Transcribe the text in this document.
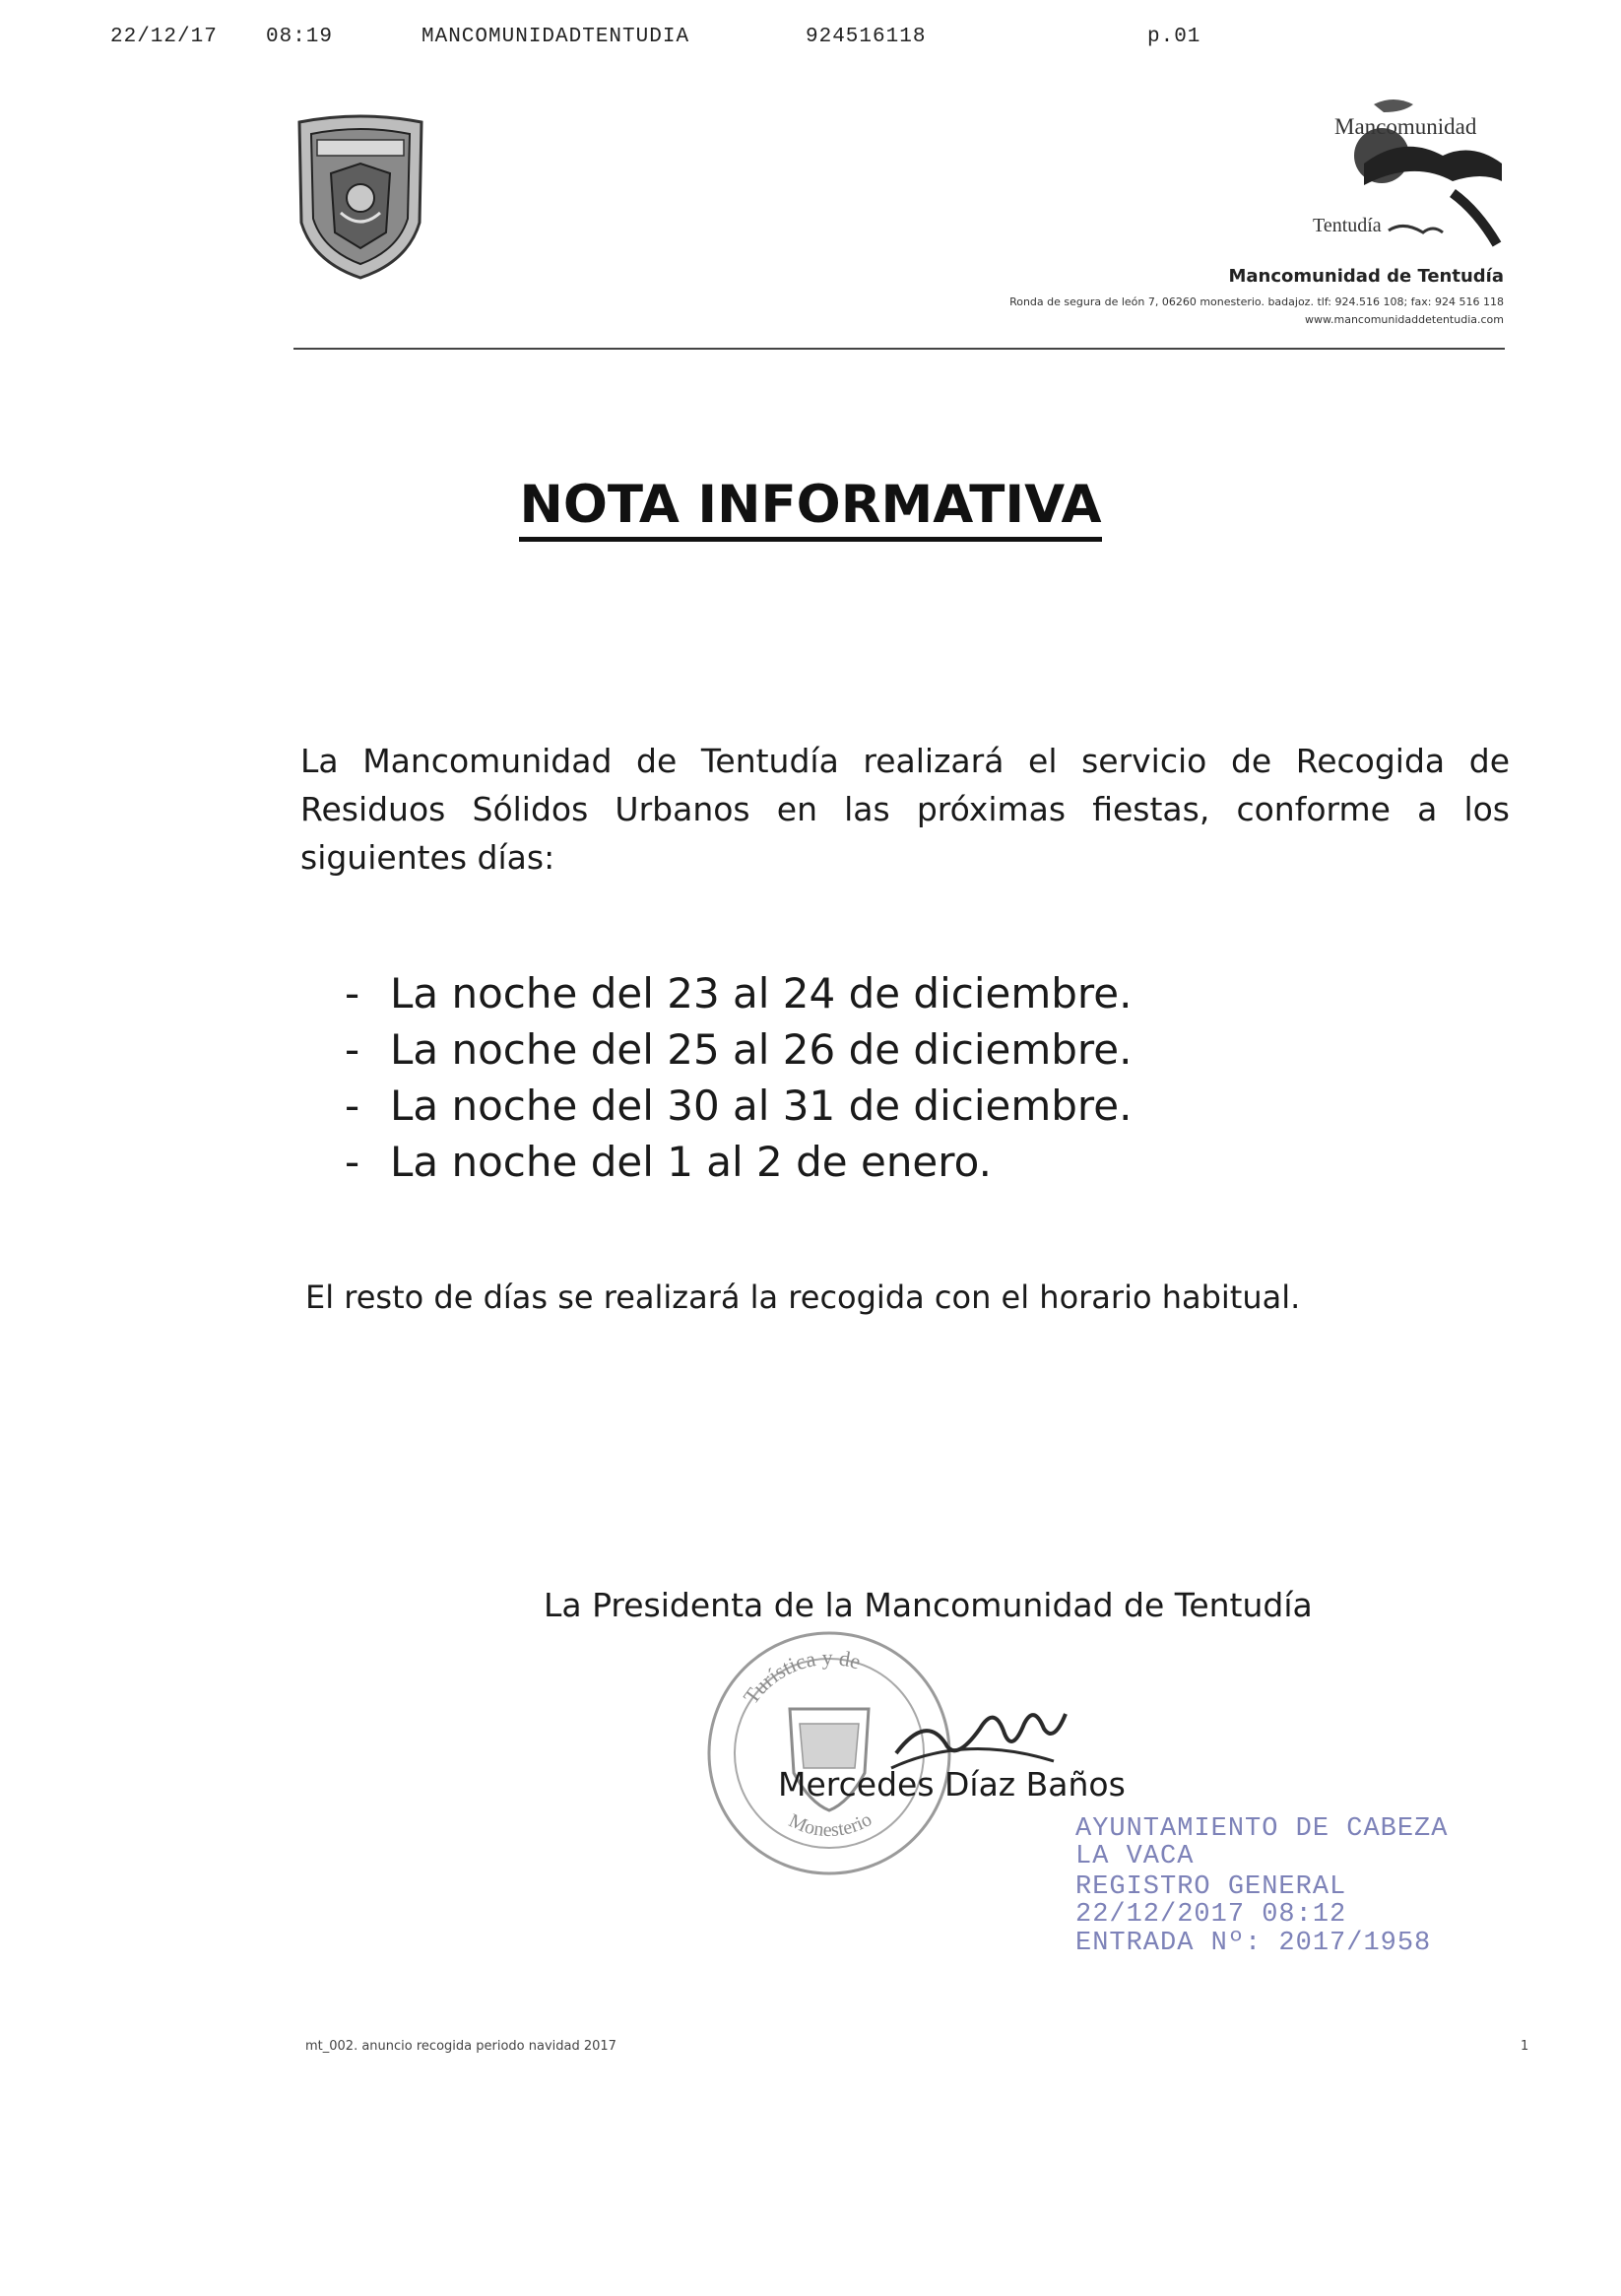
22/12/17 08:19	MANCOMUNIDADTENTUDIA	924516118	p.01
Mancomunidad
Tentudía
Mancomunidad de Tentudía
Ronda de segura de león 7, 06260 monesterio. badajoz. tlf: 924.516 108; fax: 924 516 118
www.mancomunidaddetentudia.com
NOTA INFORMATIVA
La Mancomunidad de Tentudía realizará el servicio de Recogida de Residuos Sólidos Urbanos en las próximas fiestas, conforme a los siguientes días:
- La noche del 23 al 24 de diciembre.
- La noche del 25 al 26 de diciembre.
- La noche del 30 al 31 de diciembre.
- La noche del 1 al 2 de enero.
El resto de días se realizará la recogida con el horario habitual.
La Presidenta de la Mancomunidad de Tentudía
Turística y de
Monesterio
Mercedes Díaz Baños
AYUNTAMIENTO DE CABEZA
LA VACA
REGISTRO GENERAL
22/12/2017 08:12
ENTRADA Nº: 2017/1958
mt_002. anuncio recogida periodo navidad 2017	1
